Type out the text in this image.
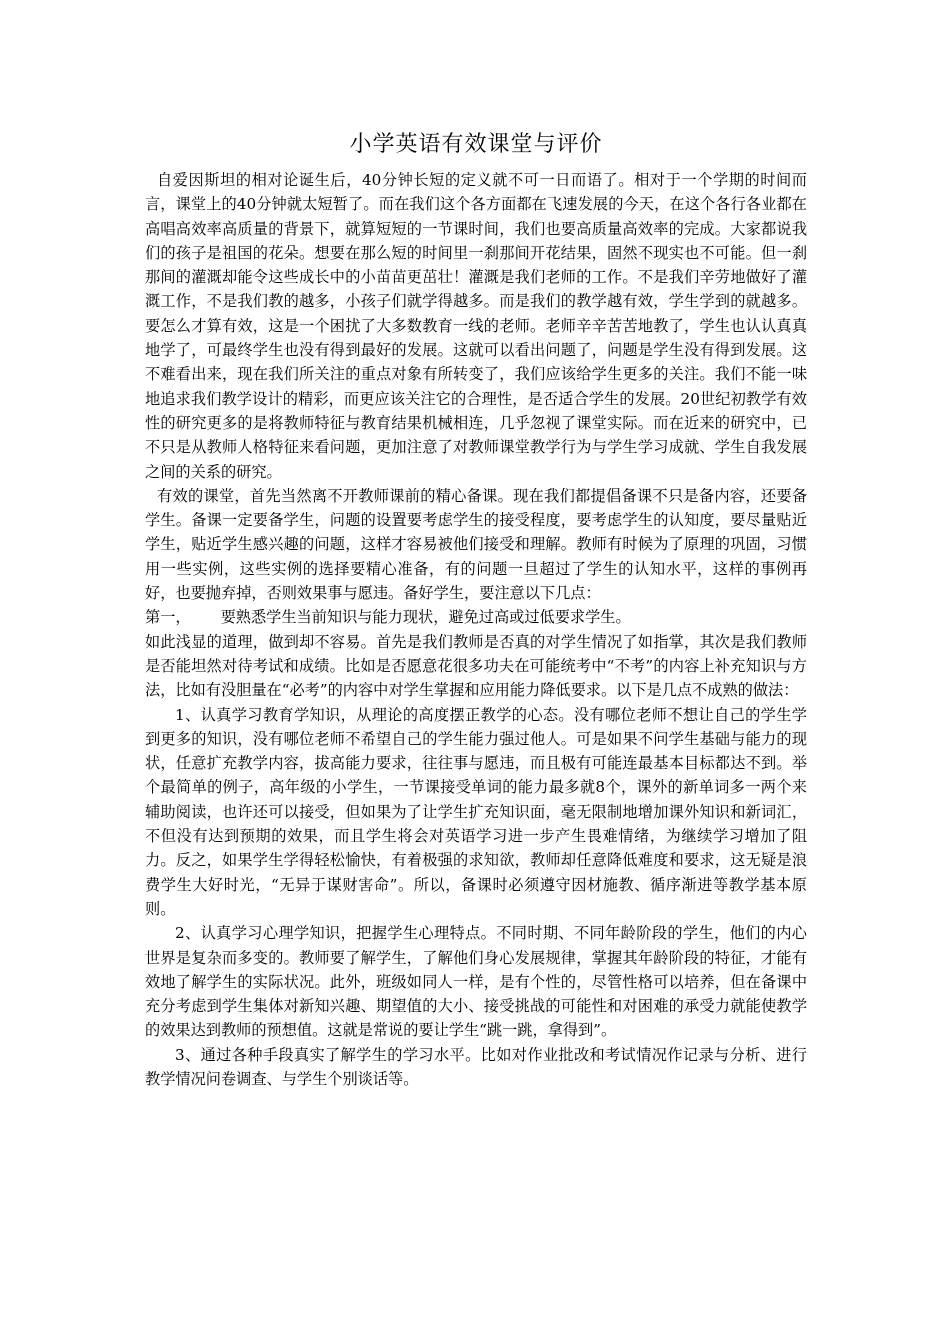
小学英语有效课堂与评价

自爱因斯坦的相对论诞生后，40分钟长短的定义就不可一日而语了。相对于一个学期的时间而言，课堂上的40分钟就太短暂了。而在我们这个各方面都在飞速发展的今天，在这个各行各业都在高唱高效率高质量的背景下，就算短短的一节课时间，我们也要高质量高效率的完成。大家都说我们的孩子是祖国的花朵。想要在那么短的时间里一刹那间开花结果，固然不现实也不可能。但一刹那间的灌溉却能令这些成长中的小苗苗更茁壮！灌溉是我们老师的工作。不是我们辛劳地做好了灌溉工作，不是我们教的越多，小孩子们就学得越多。而是我们的教学越有效，学生学到的就越多。要怎么才算有效，这是一个困扰了大多数教育一线的老师。老师辛辛苦苦地教了，学生也认认真真地学了，可最终学生也没有得到最好的发展。这就可以看出问题了，问题是学生没有得到发展。这不难看出来，现在我们所关注的重点对象有所转变了，我们应该给学生更多的关注。我们不能一味地追求我们教学设计的精彩，而更应该关注它的合理性，是否适合学生的发展。20世纪初教学有效性的研究更多的是将教师特征与教育结果机械相连，几乎忽视了课堂实际。而在近来的研究中，已不只是从教师人格特征来看问题，更加注意了对教师课堂教学行为与学生学习成就、学生自我发展之间的关系的研究。

有效的课堂，首先当然离不开教师课前的精心备课。现在我们都提倡备课不只是备内容，还要备学生。备课一定要备学生，问题的设置要考虑学生的接受程度，要考虑学生的认知度，要尽量贴近学生，贴近学生感兴趣的问题，这样才容易被他们接受和理解。教师有时候为了原理的巩固，习惯用一些实例，这些实例的选择要精心准备，有的问题一旦超过了学生的认知水平，这样的事例再好，也要抛弃掉，否则效果事与愿违。备好学生，要注意以下几点：

第一， 要熟悉学生当前知识与能力现状，避免过高或过低要求学生。

如此浅显的道理，做到却不容易。首先是我们教师是否真的对学生情况了如指掌，其次是我们教师是否能坦然对待考试和成绩。比如是否愿意花很多功夫在可能统考中“不考”的内容上补充知识与方法，比如有没胆量在“必考”的内容中对学生掌握和应用能力降低要求。以下是几点不成熟的做法：

1、认真学习教育学知识，从理论的高度摆正教学的心态。没有哪位老师不想让自己的学生学到更多的知识，没有哪位老师不希望自己的学生能力强过他人。可是如果不问学生基础与能力的现状，任意扩充教学内容，拔高能力要求，往往事与愿违，而且极有可能连最基本目标都达不到。举个最简单的例子，高年级的小学生，一节课接受单词的能力最多就8个，课外的新单词多一两个来辅助阅读，也许还可以接受，但如果为了让学生扩充知识面，毫无限制地增加课外知识和新词汇，不但没有达到预期的效果，而且学生将会对英语学习进一步产生畏难情绪，为继续学习增加了阻力。反之，如果学生学得轻松愉快，有着极强的求知欲，教师却任意降低难度和要求，这无疑是浪费学生大好时光，“无异于谋财害命”。所以，备课时必须遵守因材施教、循序渐进等教学基本原则。

2、认真学习心理学知识，把握学生心理特点。不同时期、不同年龄阶段的学生，他们的内心世界是复杂而多变的。教师要了解学生，了解他们身心发展规律，掌握其年龄阶段的特征，才能有效地了解学生的实际状况。此外，班级如同人一样，是有个性的，尽管性格可以培养，但在备课中充分考虑到学生集体对新知兴趣、期望值的大小、接受挑战的可能性和对困难的承受力就能使教学的效果达到教师的预想值。这就是常说的要让学生“跳一跳，拿得到”。

3、通过各种手段真实了解学生的学习水平。比如对作业批改和考试情况作记录与分析、进行教学情况问卷调查、与学生个别谈话等。
